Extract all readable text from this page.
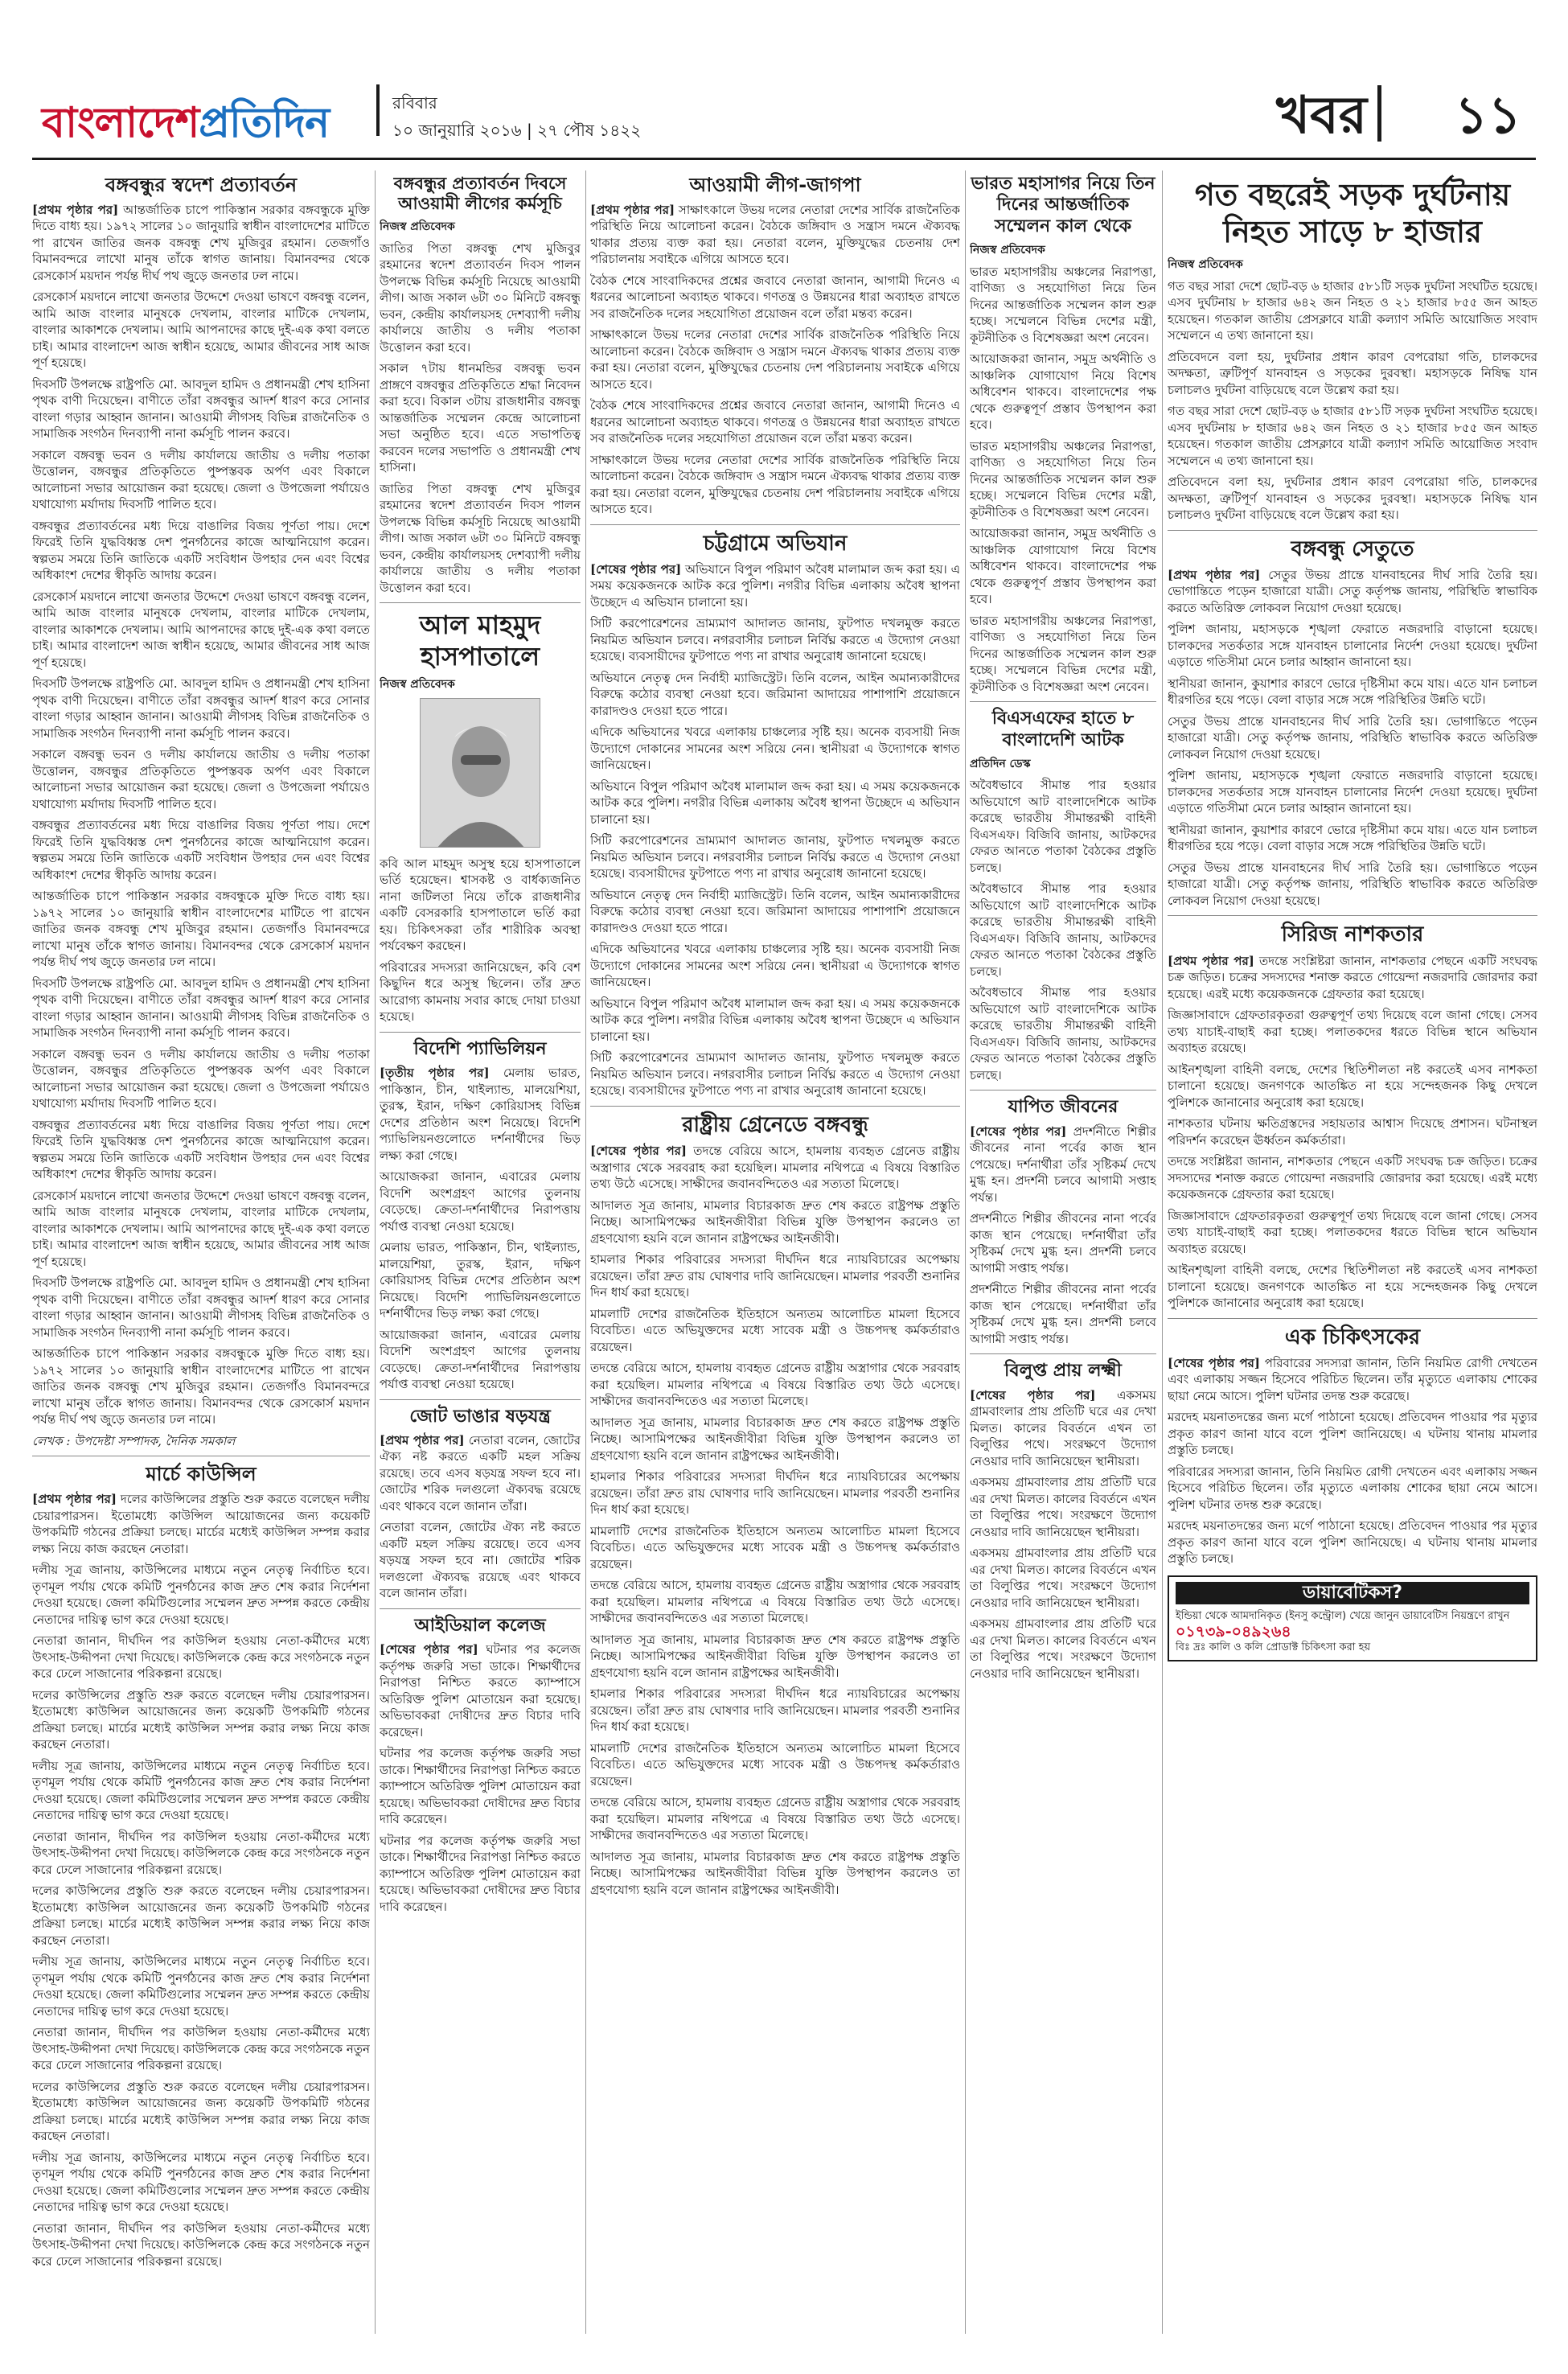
বাংলাদেশপ্রতিদিন	রবিবার
১০ জানুয়ারি ২০১৬ | ২৭ পৌষ ১৪২২	খবর ১১
বঙ্গবন্ধুর স্বদেশ প্রত্যাবর্তন

[প্রথম পৃষ্ঠার পর] আন্তর্জাতিক চাপে পাকিস্তান সরকার বঙ্গবন্ধুকে মুক্তি দিতে বাধ্য হয়। ১৯৭২ সালের ১০ জানুয়ারি স্বাধীন বাংলাদেশের মাটিতে পা রাখেন জাতির জনক বঙ্গবন্ধু শেখ মুজিবুর রহমান। তেজগাঁও বিমানবন্দরে লাখো মানুষ তাঁকে স্বাগত জানায়। বিমানবন্দর থেকে রেসকোর্স ময়দান পর্যন্ত দীর্ঘ পথ জুড়ে জনতার ঢল নামে।

রেসকোর্স ময়দানে লাখো জনতার উদ্দেশে দেওয়া ভাষণে বঙ্গবন্ধু বলেন, আমি আজ বাংলার মানুষকে দেখলাম, বাংলার মাটিকে দেখলাম, বাংলার আকাশকে দেখলাম। আমি আপনাদের কাছে দুই-এক কথা বলতে চাই। আমার বাংলাদেশ আজ স্বাধীন হয়েছে, আমার জীবনের সাধ আজ পূর্ণ হয়েছে।

দিবসটি উপলক্ষে রাষ্ট্রপতি মো. আবদুল হামিদ ও প্রধানমন্ত্রী শেখ হাসিনা পৃথক বাণী দিয়েছেন। বাণীতে তাঁরা বঙ্গবন্ধুর আদর্শ ধারণ করে সোনার বাংলা গড়ার আহ্বান জানান। আওয়ামী লীগসহ বিভিন্ন রাজনৈতিক ও সামাজিক সংগঠন দিনব্যাপী নানা কর্মসূচি পালন করবে।

সকালে বঙ্গবন্ধু ভবন ও দলীয় কার্যালয়ে জাতীয় ও দলীয় পতাকা উত্তোলন, বঙ্গবন্ধুর প্রতিকৃতিতে পুষ্পস্তবক অর্পণ এবং বিকালে আলোচনা সভার আয়োজন করা হয়েছে। জেলা ও উপজেলা পর্যায়েও যথাযোগ্য মর্যাদায় দিবসটি পালিত হবে।

বঙ্গবন্ধুর প্রত্যাবর্তনের মধ্য দিয়ে বাঙালির বিজয় পূর্ণতা পায়। দেশে ফিরেই তিনি যুদ্ধবিধ্বস্ত দেশ পুনর্গঠনের কাজে আত্মনিয়োগ করেন। স্বল্পতম সময়ে তিনি জাতিকে একটি সংবিধান উপহার দেন এবং বিশ্বের অধিকাংশ দেশের স্বীকৃতি আদায় করেন।

রেসকোর্স ময়দানে লাখো জনতার উদ্দেশে দেওয়া ভাষণে বঙ্গবন্ধু বলেন, আমি আজ বাংলার মানুষকে দেখলাম, বাংলার মাটিকে দেখলাম, বাংলার আকাশকে দেখলাম। আমি আপনাদের কাছে দুই-এক কথা বলতে চাই। আমার বাংলাদেশ আজ স্বাধীন হয়েছে, আমার জীবনের সাধ আজ পূর্ণ হয়েছে।

দিবসটি উপলক্ষে রাষ্ট্রপতি মো. আবদুল হামিদ ও প্রধানমন্ত্রী শেখ হাসিনা পৃথক বাণী দিয়েছেন। বাণীতে তাঁরা বঙ্গবন্ধুর আদর্শ ধারণ করে সোনার বাংলা গড়ার আহ্বান জানান। আওয়ামী লীগসহ বিভিন্ন রাজনৈতিক ও সামাজিক সংগঠন দিনব্যাপী নানা কর্মসূচি পালন করবে।

সকালে বঙ্গবন্ধু ভবন ও দলীয় কার্যালয়ে জাতীয় ও দলীয় পতাকা উত্তোলন, বঙ্গবন্ধুর প্রতিকৃতিতে পুষ্পস্তবক অর্পণ এবং বিকালে আলোচনা সভার আয়োজন করা হয়েছে। জেলা ও উপজেলা পর্যায়েও যথাযোগ্য মর্যাদায় দিবসটি পালিত হবে।

বঙ্গবন্ধুর প্রত্যাবর্তনের মধ্য দিয়ে বাঙালির বিজয় পূর্ণতা পায়। দেশে ফিরেই তিনি যুদ্ধবিধ্বস্ত দেশ পুনর্গঠনের কাজে আত্মনিয়োগ করেন। স্বল্পতম সময়ে তিনি জাতিকে একটি সংবিধান উপহার দেন এবং বিশ্বের অধিকাংশ দেশের স্বীকৃতি আদায় করেন।

আন্তর্জাতিক চাপে পাকিস্তান সরকার বঙ্গবন্ধুকে মুক্তি দিতে বাধ্য হয়। ১৯৭২ সালের ১০ জানুয়ারি স্বাধীন বাংলাদেশের মাটিতে পা রাখেন জাতির জনক বঙ্গবন্ধু শেখ মুজিবুর রহমান। তেজগাঁও বিমানবন্দরে লাখো মানুষ তাঁকে স্বাগত জানায়। বিমানবন্দর থেকে রেসকোর্স ময়দান পর্যন্ত দীর্ঘ পথ জুড়ে জনতার ঢল নামে।

দিবসটি উপলক্ষে রাষ্ট্রপতি মো. আবদুল হামিদ ও প্রধানমন্ত্রী শেখ হাসিনা পৃথক বাণী দিয়েছেন। বাণীতে তাঁরা বঙ্গবন্ধুর আদর্শ ধারণ করে সোনার বাংলা গড়ার আহ্বান জানান। আওয়ামী লীগসহ বিভিন্ন রাজনৈতিক ও সামাজিক সংগঠন দিনব্যাপী নানা কর্মসূচি পালন করবে।

সকালে বঙ্গবন্ধু ভবন ও দলীয় কার্যালয়ে জাতীয় ও দলীয় পতাকা উত্তোলন, বঙ্গবন্ধুর প্রতিকৃতিতে পুষ্পস্তবক অর্পণ এবং বিকালে আলোচনা সভার আয়োজন করা হয়েছে। জেলা ও উপজেলা পর্যায়েও যথাযোগ্য মর্যাদায় দিবসটি পালিত হবে।

বঙ্গবন্ধুর প্রত্যাবর্তনের মধ্য দিয়ে বাঙালির বিজয় পূর্ণতা পায়। দেশে ফিরেই তিনি যুদ্ধবিধ্বস্ত দেশ পুনর্গঠনের কাজে আত্মনিয়োগ করেন। স্বল্পতম সময়ে তিনি জাতিকে একটি সংবিধান উপহার দেন এবং বিশ্বের অধিকাংশ দেশের স্বীকৃতি আদায় করেন।

রেসকোর্স ময়দানে লাখো জনতার উদ্দেশে দেওয়া ভাষণে বঙ্গবন্ধু বলেন, আমি আজ বাংলার মানুষকে দেখলাম, বাংলার মাটিকে দেখলাম, বাংলার আকাশকে দেখলাম। আমি আপনাদের কাছে দুই-এক কথা বলতে চাই। আমার বাংলাদেশ আজ স্বাধীন হয়েছে, আমার জীবনের সাধ আজ পূর্ণ হয়েছে।

দিবসটি উপলক্ষে রাষ্ট্রপতি মো. আবদুল হামিদ ও প্রধানমন্ত্রী শেখ হাসিনা পৃথক বাণী দিয়েছেন। বাণীতে তাঁরা বঙ্গবন্ধুর আদর্শ ধারণ করে সোনার বাংলা গড়ার আহ্বান জানান। আওয়ামী লীগসহ বিভিন্ন রাজনৈতিক ও সামাজিক সংগঠন দিনব্যাপী নানা কর্মসূচি পালন করবে।

আন্তর্জাতিক চাপে পাকিস্তান সরকার বঙ্গবন্ধুকে মুক্তি দিতে বাধ্য হয়। ১৯৭২ সালের ১০ জানুয়ারি স্বাধীন বাংলাদেশের মাটিতে পা রাখেন জাতির জনক বঙ্গবন্ধু শেখ মুজিবুর রহমান। তেজগাঁও বিমানবন্দরে লাখো মানুষ তাঁকে স্বাগত জানায়। বিমানবন্দর থেকে রেসকোর্স ময়দান পর্যন্ত দীর্ঘ পথ জুড়ে জনতার ঢল নামে।

লেখক : উপদেষ্টা সম্পাদক, দৈনিক সমকাল

মার্চে কাউন্সিল

[প্রথম পৃষ্ঠার পর] দলের কাউন্সিলের প্রস্তুতি শুরু করতে বলেছেন দলীয় চেয়ারপারসন। ইতোমধ্যে কাউন্সিল আয়োজনের জন্য কয়েকটি উপকমিটি গঠনের প্রক্রিয়া চলছে। মার্চের মধ্যেই কাউন্সিল সম্পন্ন করার লক্ষ্য নিয়ে কাজ করছেন নেতারা।

দলীয় সূত্র জানায়, কাউন্সিলের মাধ্যমে নতুন নেতৃত্ব নির্বাচিত হবে। তৃণমূল পর্যায় থেকে কমিটি পুনর্গঠনের কাজ দ্রুত শেষ করার নির্দেশনা দেওয়া হয়েছে। জেলা কমিটিগুলোর সম্মেলন দ্রুত সম্পন্ন করতে কেন্দ্রীয় নেতাদের দায়িত্ব ভাগ করে দেওয়া হয়েছে।

নেতারা জানান, দীর্ঘদিন পর কাউন্সিল হওয়ায় নেতা-কর্মীদের মধ্যে উৎসাহ-উদ্দীপনা দেখা দিয়েছে। কাউন্সিলকে কেন্দ্র করে সংগঠনকে নতুন করে ঢেলে সাজানোর পরিকল্পনা রয়েছে।

দলের কাউন্সিলের প্রস্তুতি শুরু করতে বলেছেন দলীয় চেয়ারপারসন। ইতোমধ্যে কাউন্সিল আয়োজনের জন্য কয়েকটি উপকমিটি গঠনের প্রক্রিয়া চলছে। মার্চের মধ্যেই কাউন্সিল সম্পন্ন করার লক্ষ্য নিয়ে কাজ করছেন নেতারা।

দলীয় সূত্র জানায়, কাউন্সিলের মাধ্যমে নতুন নেতৃত্ব নির্বাচিত হবে। তৃণমূল পর্যায় থেকে কমিটি পুনর্গঠনের কাজ দ্রুত শেষ করার নির্দেশনা দেওয়া হয়েছে। জেলা কমিটিগুলোর সম্মেলন দ্রুত সম্পন্ন করতে কেন্দ্রীয় নেতাদের দায়িত্ব ভাগ করে দেওয়া হয়েছে।

নেতারা জানান, দীর্ঘদিন পর কাউন্সিল হওয়ায় নেতা-কর্মীদের মধ্যে উৎসাহ-উদ্দীপনা দেখা দিয়েছে। কাউন্সিলকে কেন্দ্র করে সংগঠনকে নতুন করে ঢেলে সাজানোর পরিকল্পনা রয়েছে।

দলের কাউন্সিলের প্রস্তুতি শুরু করতে বলেছেন দলীয় চেয়ারপারসন। ইতোমধ্যে কাউন্সিল আয়োজনের জন্য কয়েকটি উপকমিটি গঠনের প্রক্রিয়া চলছে। মার্চের মধ্যেই কাউন্সিল সম্পন্ন করার লক্ষ্য নিয়ে কাজ করছেন নেতারা।

দলীয় সূত্র জানায়, কাউন্সিলের মাধ্যমে নতুন নেতৃত্ব নির্বাচিত হবে। তৃণমূল পর্যায় থেকে কমিটি পুনর্গঠনের কাজ দ্রুত শেষ করার নির্দেশনা দেওয়া হয়েছে। জেলা কমিটিগুলোর সম্মেলন দ্রুত সম্পন্ন করতে কেন্দ্রীয় নেতাদের দায়িত্ব ভাগ করে দেওয়া হয়েছে।

নেতারা জানান, দীর্ঘদিন পর কাউন্সিল হওয়ায় নেতা-কর্মীদের মধ্যে উৎসাহ-উদ্দীপনা দেখা দিয়েছে। কাউন্সিলকে কেন্দ্র করে সংগঠনকে নতুন করে ঢেলে সাজানোর পরিকল্পনা রয়েছে।

দলের কাউন্সিলের প্রস্তুতি শুরু করতে বলেছেন দলীয় চেয়ারপারসন। ইতোমধ্যে কাউন্সিল আয়োজনের জন্য কয়েকটি উপকমিটি গঠনের প্রক্রিয়া চলছে। মার্চের মধ্যেই কাউন্সিল সম্পন্ন করার লক্ষ্য নিয়ে কাজ করছেন নেতারা।

দলীয় সূত্র জানায়, কাউন্সিলের মাধ্যমে নতুন নেতৃত্ব নির্বাচিত হবে। তৃণমূল পর্যায় থেকে কমিটি পুনর্গঠনের কাজ দ্রুত শেষ করার নির্দেশনা দেওয়া হয়েছে। জেলা কমিটিগুলোর সম্মেলন দ্রুত সম্পন্ন করতে কেন্দ্রীয় নেতাদের দায়িত্ব ভাগ করে দেওয়া হয়েছে।

নেতারা জানান, দীর্ঘদিন পর কাউন্সিল হওয়ায় নেতা-কর্মীদের মধ্যে উৎসাহ-উদ্দীপনা দেখা দিয়েছে। কাউন্সিলকে কেন্দ্র করে সংগঠনকে নতুন করে ঢেলে সাজানোর পরিকল্পনা রয়েছে।

বঙ্গবন্ধুর প্রত্যাবর্তন দিবসে আওয়ামী লীগের কর্মসূচি
নিজস্ব প্রতিবেদক

জাতির পিতা বঙ্গবন্ধু শেখ মুজিবুর রহমানের স্বদেশ প্রত্যাবর্তন দিবস পালন উপলক্ষে বিভিন্ন কর্মসূচি নিয়েছে আওয়ামী লীগ। আজ সকাল ৬টা ৩০ মিনিটে বঙ্গবন্ধু ভবন, কেন্দ্রীয় কার্যালয়সহ দেশব্যাপী দলীয় কার্যালয়ে জাতীয় ও দলীয় পতাকা উত্তোলন করা হবে।

সকাল ৭টায় ধানমন্ডির বঙ্গবন্ধু ভবন প্রাঙ্গণে বঙ্গবন্ধুর প্রতিকৃতিতে শ্রদ্ধা নিবেদন করা হবে। বিকাল ৩টায় রাজধানীর বঙ্গবন্ধু আন্তর্জাতিক সম্মেলন কেন্দ্রে আলোচনা সভা অনুষ্ঠিত হবে। এতে সভাপতিত্ব করবেন দলের সভাপতি ও প্রধানমন্ত্রী শেখ হাসিনা।

জাতির পিতা বঙ্গবন্ধু শেখ মুজিবুর রহমানের স্বদেশ প্রত্যাবর্তন দিবস পালন উপলক্ষে বিভিন্ন কর্মসূচি নিয়েছে আওয়ামী লীগ। আজ সকাল ৬টা ৩০ মিনিটে বঙ্গবন্ধু ভবন, কেন্দ্রীয় কার্যালয়সহ দেশব্যাপী দলীয় কার্যালয়ে জাতীয় ও দলীয় পতাকা উত্তোলন করা হবে।

আল মাহমুদ হাসপাতালে
নিজস্ব প্রতিবেদক

কবি আল মাহমুদ অসুস্থ হয়ে হাসপাতালে ভর্তি হয়েছেন। শ্বাসকষ্ট ও বার্ধক্যজনিত নানা জটিলতা নিয়ে তাঁকে রাজধানীর একটি বেসরকারি হাসপাতালে ভর্তি করা হয়। চিকিৎসকরা তাঁর শারীরিক অবস্থা পর্যবেক্ষণ করছেন।

পরিবারের সদস্যরা জানিয়েছেন, কবি বেশ কিছুদিন ধরে অসুস্থ ছিলেন। তাঁর দ্রুত আরোগ্য কামনায় সবার কাছে দোয়া চাওয়া হয়েছে।

বিদেশি প্যাভিলিয়ন

[তৃতীয় পৃষ্ঠার পর] মেলায় ভারত, পাকিস্তান, চীন, থাইল্যান্ড, মালয়েশিয়া, তুরস্ক, ইরান, দক্ষিণ কোরিয়াসহ বিভিন্ন দেশের প্রতিষ্ঠান অংশ নিয়েছে। বিদেশি প্যাভিলিয়নগুলোতে দর্শনার্থীদের ভিড় লক্ষ্য করা গেছে।

আয়োজকরা জানান, এবারের মেলায় বিদেশি অংশগ্রহণ আগের তুলনায় বেড়েছে। ক্রেতা-দর্শনার্থীদের নিরাপত্তায় পর্যাপ্ত ব্যবস্থা নেওয়া হয়েছে।

মেলায় ভারত, পাকিস্তান, চীন, থাইল্যান্ড, মালয়েশিয়া, তুরস্ক, ইরান, দক্ষিণ কোরিয়াসহ বিভিন্ন দেশের প্রতিষ্ঠান অংশ নিয়েছে। বিদেশি প্যাভিলিয়নগুলোতে দর্শনার্থীদের ভিড় লক্ষ্য করা গেছে।

আয়োজকরা জানান, এবারের মেলায় বিদেশি অংশগ্রহণ আগের তুলনায় বেড়েছে। ক্রেতা-দর্শনার্থীদের নিরাপত্তায় পর্যাপ্ত ব্যবস্থা নেওয়া হয়েছে।

জোট ভাঙার ষড়যন্ত্র

[প্রথম পৃষ্ঠার পর] নেতারা বলেন, জোটের ঐক্য নষ্ট করতে একটি মহল সক্রিয় রয়েছে। তবে এসব ষড়যন্ত্র সফল হবে না। জোটের শরিক দলগুলো ঐক্যবদ্ধ রয়েছে এবং থাকবে বলে জানান তাঁরা।

নেতারা বলেন, জোটের ঐক্য নষ্ট করতে একটি মহল সক্রিয় রয়েছে। তবে এসব ষড়যন্ত্র সফল হবে না। জোটের শরিক দলগুলো ঐক্যবদ্ধ রয়েছে এবং থাকবে বলে জানান তাঁরা।

আইডিয়াল কলেজ

[শেষের পৃষ্ঠার পর] ঘটনার পর কলেজ কর্তৃপক্ষ জরুরি সভা ডাকে। শিক্ষার্থীদের নিরাপত্তা নিশ্চিত করতে ক্যাম্পাসে অতিরিক্ত পুলিশ মোতায়েন করা হয়েছে। অভিভাবকরা দোষীদের দ্রুত বিচার দাবি করেছেন।

ঘটনার পর কলেজ কর্তৃপক্ষ জরুরি সভা ডাকে। শিক্ষার্থীদের নিরাপত্তা নিশ্চিত করতে ক্যাম্পাসে অতিরিক্ত পুলিশ মোতায়েন করা হয়েছে। অভিভাবকরা দোষীদের দ্রুত বিচার দাবি করেছেন।

ঘটনার পর কলেজ কর্তৃপক্ষ জরুরি সভা ডাকে। শিক্ষার্থীদের নিরাপত্তা নিশ্চিত করতে ক্যাম্পাসে অতিরিক্ত পুলিশ মোতায়েন করা হয়েছে। অভিভাবকরা দোষীদের দ্রুত বিচার দাবি করেছেন।

আওয়ামী লীগ-জাগপা

[প্রথম পৃষ্ঠার পর] সাক্ষাৎকালে উভয় দলের নেতারা দেশের সার্বিক রাজনৈতিক পরিস্থিতি নিয়ে আলোচনা করেন। বৈঠকে জঙ্গিবাদ ও সন্ত্রাস দমনে ঐক্যবদ্ধ থাকার প্রত্যয় ব্যক্ত করা হয়। নেতারা বলেন, মুক্তিযুদ্ধের চেতনায় দেশ পরিচালনায় সবাইকে এগিয়ে আসতে হবে।

বৈঠক শেষে সাংবাদিকদের প্রশ্নের জবাবে নেতারা জানান, আগামী দিনেও এ ধরনের আলোচনা অব্যাহত থাকবে। গণতন্ত্র ও উন্নয়নের ধারা অব্যাহত রাখতে সব রাজনৈতিক দলের সহযোগিতা প্রয়োজন বলে তাঁরা মন্তব্য করেন।

সাক্ষাৎকালে উভয় দলের নেতারা দেশের সার্বিক রাজনৈতিক পরিস্থিতি নিয়ে আলোচনা করেন। বৈঠকে জঙ্গিবাদ ও সন্ত্রাস দমনে ঐক্যবদ্ধ থাকার প্রত্যয় ব্যক্ত করা হয়। নেতারা বলেন, মুক্তিযুদ্ধের চেতনায় দেশ পরিচালনায় সবাইকে এগিয়ে আসতে হবে।

বৈঠক শেষে সাংবাদিকদের প্রশ্নের জবাবে নেতারা জানান, আগামী দিনেও এ ধরনের আলোচনা অব্যাহত থাকবে। গণতন্ত্র ও উন্নয়নের ধারা অব্যাহত রাখতে সব রাজনৈতিক দলের সহযোগিতা প্রয়োজন বলে তাঁরা মন্তব্য করেন।

সাক্ষাৎকালে উভয় দলের নেতারা দেশের সার্বিক রাজনৈতিক পরিস্থিতি নিয়ে আলোচনা করেন। বৈঠকে জঙ্গিবাদ ও সন্ত্রাস দমনে ঐক্যবদ্ধ থাকার প্রত্যয় ব্যক্ত করা হয়। নেতারা বলেন, মুক্তিযুদ্ধের চেতনায় দেশ পরিচালনায় সবাইকে এগিয়ে আসতে হবে।

চট্টগ্রামে অভিযান

[শেষের পৃষ্ঠার পর] অভিযানে বিপুল পরিমাণ অবৈধ মালামাল জব্দ করা হয়। এ সময় কয়েকজনকে আটক করে পুলিশ। নগরীর বিভিন্ন এলাকায় অবৈধ স্থাপনা উচ্ছেদে এ অভিযান চালানো হয়।

সিটি করপোরেশনের ভ্রাম্যমাণ আদালত জানায়, ফুটপাত দখলমুক্ত করতে নিয়মিত অভিযান চলবে। নগরবাসীর চলাচল নির্বিঘ্ন করতে এ উদ্যোগ নেওয়া হয়েছে। ব্যবসায়ীদের ফুটপাতে পণ্য না রাখার অনুরোধ জানানো হয়েছে।

অভিযানে নেতৃত্ব দেন নির্বাহী ম্যাজিস্ট্রেট। তিনি বলেন, আইন অমান্যকারীদের বিরুদ্ধে কঠোর ব্যবস্থা নেওয়া হবে। জরিমানা আদায়ের পাশাপাশি প্রয়োজনে কারাদণ্ডও দেওয়া হতে পারে।

এদিকে অভিযানের খবরে এলাকায় চাঞ্চল্যের সৃষ্টি হয়। অনেক ব্যবসায়ী নিজ উদ্যোগে দোকানের সামনের অংশ সরিয়ে নেন। স্থানীয়রা এ উদ্যোগকে স্বাগত জানিয়েছেন।

অভিযানে বিপুল পরিমাণ অবৈধ মালামাল জব্দ করা হয়। এ সময় কয়েকজনকে আটক করে পুলিশ। নগরীর বিভিন্ন এলাকায় অবৈধ স্থাপনা উচ্ছেদে এ অভিযান চালানো হয়।

সিটি করপোরেশনের ভ্রাম্যমাণ আদালত জানায়, ফুটপাত দখলমুক্ত করতে নিয়মিত অভিযান চলবে। নগরবাসীর চলাচল নির্বিঘ্ন করতে এ উদ্যোগ নেওয়া হয়েছে। ব্যবসায়ীদের ফুটপাতে পণ্য না রাখার অনুরোধ জানানো হয়েছে।

অভিযানে নেতৃত্ব দেন নির্বাহী ম্যাজিস্ট্রেট। তিনি বলেন, আইন অমান্যকারীদের বিরুদ্ধে কঠোর ব্যবস্থা নেওয়া হবে। জরিমানা আদায়ের পাশাপাশি প্রয়োজনে কারাদণ্ডও দেওয়া হতে পারে।

এদিকে অভিযানের খবরে এলাকায় চাঞ্চল্যের সৃষ্টি হয়। অনেক ব্যবসায়ী নিজ উদ্যোগে দোকানের সামনের অংশ সরিয়ে নেন। স্থানীয়রা এ উদ্যোগকে স্বাগত জানিয়েছেন।

অভিযানে বিপুল পরিমাণ অবৈধ মালামাল জব্দ করা হয়। এ সময় কয়েকজনকে আটক করে পুলিশ। নগরীর বিভিন্ন এলাকায় অবৈধ স্থাপনা উচ্ছেদে এ অভিযান চালানো হয়।

সিটি করপোরেশনের ভ্রাম্যমাণ আদালত জানায়, ফুটপাত দখলমুক্ত করতে নিয়মিত অভিযান চলবে। নগরবাসীর চলাচল নির্বিঘ্ন করতে এ উদ্যোগ নেওয়া হয়েছে। ব্যবসায়ীদের ফুটপাতে পণ্য না রাখার অনুরোধ জানানো হয়েছে।

রাষ্ট্রীয় গ্রেনেডে বঙ্গবন্ধু

[শেষের পৃষ্ঠার পর] তদন্তে বেরিয়ে আসে, হামলায় ব্যবহৃত গ্রেনেড রাষ্ট্রীয় অস্ত্রাগার থেকে সরবরাহ করা হয়েছিল। মামলার নথিপত্রে এ বিষয়ে বিস্তারিত তথ্য উঠে এসেছে। সাক্ষীদের জবানবন্দিতেও এর সত্যতা মিলেছে।

আদালত সূত্র জানায়, মামলার বিচারকাজ দ্রুত শেষ করতে রাষ্ট্রপক্ষ প্রস্তুতি নিচ্ছে। আসামিপক্ষের আইনজীবীরা বিভিন্ন যুক্তি উপস্থাপন করলেও তা গ্রহণযোগ্য হয়নি বলে জানান রাষ্ট্রপক্ষের আইনজীবী।

হামলার শিকার পরিবারের সদস্যরা দীর্ঘদিন ধরে ন্যায়বিচারের অপেক্ষায় রয়েছেন। তাঁরা দ্রুত রায় ঘোষণার দাবি জানিয়েছেন। মামলার পরবর্তী শুনানির দিন ধার্য করা হয়েছে।

মামলাটি দেশের রাজনৈতিক ইতিহাসে অন্যতম আলোচিত মামলা হিসেবে বিবেচিত। এতে অভিযুক্তদের মধ্যে সাবেক মন্ত্রী ও উচ্চপদস্থ কর্মকর্তারাও রয়েছেন।

তদন্তে বেরিয়ে আসে, হামলায় ব্যবহৃত গ্রেনেড রাষ্ট্রীয় অস্ত্রাগার থেকে সরবরাহ করা হয়েছিল। মামলার নথিপত্রে এ বিষয়ে বিস্তারিত তথ্য উঠে এসেছে। সাক্ষীদের জবানবন্দিতেও এর সত্যতা মিলেছে।

আদালত সূত্র জানায়, মামলার বিচারকাজ দ্রুত শেষ করতে রাষ্ট্রপক্ষ প্রস্তুতি নিচ্ছে। আসামিপক্ষের আইনজীবীরা বিভিন্ন যুক্তি উপস্থাপন করলেও তা গ্রহণযোগ্য হয়নি বলে জানান রাষ্ট্রপক্ষের আইনজীবী।

হামলার শিকার পরিবারের সদস্যরা দীর্ঘদিন ধরে ন্যায়বিচারের অপেক্ষায় রয়েছেন। তাঁরা দ্রুত রায় ঘোষণার দাবি জানিয়েছেন। মামলার পরবর্তী শুনানির দিন ধার্য করা হয়েছে।

মামলাটি দেশের রাজনৈতিক ইতিহাসে অন্যতম আলোচিত মামলা হিসেবে বিবেচিত। এতে অভিযুক্তদের মধ্যে সাবেক মন্ত্রী ও উচ্চপদস্থ কর্মকর্তারাও রয়েছেন।

তদন্তে বেরিয়ে আসে, হামলায় ব্যবহৃত গ্রেনেড রাষ্ট্রীয় অস্ত্রাগার থেকে সরবরাহ করা হয়েছিল। মামলার নথিপত্রে এ বিষয়ে বিস্তারিত তথ্য উঠে এসেছে। সাক্ষীদের জবানবন্দিতেও এর সত্যতা মিলেছে।

আদালত সূত্র জানায়, মামলার বিচারকাজ দ্রুত শেষ করতে রাষ্ট্রপক্ষ প্রস্তুতি নিচ্ছে। আসামিপক্ষের আইনজীবীরা বিভিন্ন যুক্তি উপস্থাপন করলেও তা গ্রহণযোগ্য হয়নি বলে জানান রাষ্ট্রপক্ষের আইনজীবী।

হামলার শিকার পরিবারের সদস্যরা দীর্ঘদিন ধরে ন্যায়বিচারের অপেক্ষায় রয়েছেন। তাঁরা দ্রুত রায় ঘোষণার দাবি জানিয়েছেন। মামলার পরবর্তী শুনানির দিন ধার্য করা হয়েছে।

মামলাটি দেশের রাজনৈতিক ইতিহাসে অন্যতম আলোচিত মামলা হিসেবে বিবেচিত। এতে অভিযুক্তদের মধ্যে সাবেক মন্ত্রী ও উচ্চপদস্থ কর্মকর্তারাও রয়েছেন।

তদন্তে বেরিয়ে আসে, হামলায় ব্যবহৃত গ্রেনেড রাষ্ট্রীয় অস্ত্রাগার থেকে সরবরাহ করা হয়েছিল। মামলার নথিপত্রে এ বিষয়ে বিস্তারিত তথ্য উঠে এসেছে। সাক্ষীদের জবানবন্দিতেও এর সত্যতা মিলেছে।

আদালত সূত্র জানায়, মামলার বিচারকাজ দ্রুত শেষ করতে রাষ্ট্রপক্ষ প্রস্তুতি নিচ্ছে। আসামিপক্ষের আইনজীবীরা বিভিন্ন যুক্তি উপস্থাপন করলেও তা গ্রহণযোগ্য হয়নি বলে জানান রাষ্ট্রপক্ষের আইনজীবী।

ভারত মহাসাগর নিয়ে তিন দিনের আন্তর্জাতিক সম্মেলন কাল থেকে
নিজস্ব প্রতিবেদক

ভারত মহাসাগরীয় অঞ্চলের নিরাপত্তা, বাণিজ্য ও সহযোগিতা নিয়ে তিন দিনের আন্তর্জাতিক সম্মেলন কাল শুরু হচ্ছে। সম্মেলনে বিভিন্ন দেশের মন্ত্রী, কূটনীতিক ও বিশেষজ্ঞরা অংশ নেবেন।

আয়োজকরা জানান, সমুদ্র অর্থনীতি ও আঞ্চলিক যোগাযোগ নিয়ে বিশেষ অধিবেশন থাকবে। বাংলাদেশের পক্ষ থেকে গুরুত্বপূর্ণ প্রস্তাব উপস্থাপন করা হবে।

ভারত মহাসাগরীয় অঞ্চলের নিরাপত্তা, বাণিজ্য ও সহযোগিতা নিয়ে তিন দিনের আন্তর্জাতিক সম্মেলন কাল শুরু হচ্ছে। সম্মেলনে বিভিন্ন দেশের মন্ত্রী, কূটনীতিক ও বিশেষজ্ঞরা অংশ নেবেন।

আয়োজকরা জানান, সমুদ্র অর্থনীতি ও আঞ্চলিক যোগাযোগ নিয়ে বিশেষ অধিবেশন থাকবে। বাংলাদেশের পক্ষ থেকে গুরুত্বপূর্ণ প্রস্তাব উপস্থাপন করা হবে।

ভারত মহাসাগরীয় অঞ্চলের নিরাপত্তা, বাণিজ্য ও সহযোগিতা নিয়ে তিন দিনের আন্তর্জাতিক সম্মেলন কাল শুরু হচ্ছে। সম্মেলনে বিভিন্ন দেশের মন্ত্রী, কূটনীতিক ও বিশেষজ্ঞরা অংশ নেবেন।

বিএসএফের হাতে ৮ বাংলাদেশি আটক
প্রতিদিন ডেস্ক

অবৈধভাবে সীমান্ত পার হওয়ার অভিযোগে আট বাংলাদেশিকে আটক করেছে ভারতীয় সীমান্তরক্ষী বাহিনী বিএসএফ। বিজিবি জানায়, আটকদের ফেরত আনতে পতাকা বৈঠকের প্রস্তুতি চলছে।

অবৈধভাবে সীমান্ত পার হওয়ার অভিযোগে আট বাংলাদেশিকে আটক করেছে ভারতীয় সীমান্তরক্ষী বাহিনী বিএসএফ। বিজিবি জানায়, আটকদের ফেরত আনতে পতাকা বৈঠকের প্রস্তুতি চলছে।

অবৈধভাবে সীমান্ত পার হওয়ার অভিযোগে আট বাংলাদেশিকে আটক করেছে ভারতীয় সীমান্তরক্ষী বাহিনী বিএসএফ। বিজিবি জানায়, আটকদের ফেরত আনতে পতাকা বৈঠকের প্রস্তুতি চলছে।

যাপিত জীবনের

[শেষের পৃষ্ঠার পর] প্রদর্শনীতে শিল্পীর জীবনের নানা পর্বের কাজ স্থান পেয়েছে। দর্শনার্থীরা তাঁর সৃষ্টিকর্ম দেখে মুগ্ধ হন। প্রদর্শনী চলবে আগামী সপ্তাহ পর্যন্ত।

প্রদর্শনীতে শিল্পীর জীবনের নানা পর্বের কাজ স্থান পেয়েছে। দর্শনার্থীরা তাঁর সৃষ্টিকর্ম দেখে মুগ্ধ হন। প্রদর্শনী চলবে আগামী সপ্তাহ পর্যন্ত।

প্রদর্শনীতে শিল্পীর জীবনের নানা পর্বের কাজ স্থান পেয়েছে। দর্শনার্থীরা তাঁর সৃষ্টিকর্ম দেখে মুগ্ধ হন। প্রদর্শনী চলবে আগামী সপ্তাহ পর্যন্ত।

বিলুপ্ত প্রায় লক্ষ্মী

[শেষের পৃষ্ঠার পর] একসময় গ্রামবাংলার প্রায় প্রতিটি ঘরে এর দেখা মিলত। কালের বিবর্তনে এখন তা বিলুপ্তির পথে। সংরক্ষণে উদ্যোগ নেওয়ার দাবি জানিয়েছেন স্থানীয়রা।

একসময় গ্রামবাংলার প্রায় প্রতিটি ঘরে এর দেখা মিলত। কালের বিবর্তনে এখন তা বিলুপ্তির পথে। সংরক্ষণে উদ্যোগ নেওয়ার দাবি জানিয়েছেন স্থানীয়রা।

একসময় গ্রামবাংলার প্রায় প্রতিটি ঘরে এর দেখা মিলত। কালের বিবর্তনে এখন তা বিলুপ্তির পথে। সংরক্ষণে উদ্যোগ নেওয়ার দাবি জানিয়েছেন স্থানীয়রা।

একসময় গ্রামবাংলার প্রায় প্রতিটি ঘরে এর দেখা মিলত। কালের বিবর্তনে এখন তা বিলুপ্তির পথে। সংরক্ষণে উদ্যোগ নেওয়ার দাবি জানিয়েছেন স্থানীয়রা।

গত বছরেই সড়ক দুর্ঘটনায় নিহত সাড়ে ৮ হাজার
নিজস্ব প্রতিবেদক

গত বছর সারা দেশে ছোট-বড় ৬ হাজার ৫৮১টি সড়ক দুর্ঘটনা সংঘটিত হয়েছে। এসব দুর্ঘটনায় ৮ হাজার ৬৪২ জন নিহত ও ২১ হাজার ৮৫৫ জন আহত হয়েছেন। গতকাল জাতীয় প্রেসক্লাবে যাত্রী কল্যাণ সমিতি আয়োজিত সংবাদ সম্মেলনে এ তথ্য জানানো হয়।

প্রতিবেদনে বলা হয়, দুর্ঘটনার প্রধান কারণ বেপরোয়া গতি, চালকদের অদক্ষতা, ত্রুটিপূর্ণ যানবাহন ও সড়কের দুরবস্থা। মহাসড়কে নিষিদ্ধ যান চলাচলও দুর্ঘটনা বাড়িয়েছে বলে উল্লেখ করা হয়।

গত বছর সারা দেশে ছোট-বড় ৬ হাজার ৫৮১টি সড়ক দুর্ঘটনা সংঘটিত হয়েছে। এসব দুর্ঘটনায় ৮ হাজার ৬৪২ জন নিহত ও ২১ হাজার ৮৫৫ জন আহত হয়েছেন। গতকাল জাতীয় প্রেসক্লাবে যাত্রী কল্যাণ সমিতি আয়োজিত সংবাদ সম্মেলনে এ তথ্য জানানো হয়।

প্রতিবেদনে বলা হয়, দুর্ঘটনার প্রধান কারণ বেপরোয়া গতি, চালকদের অদক্ষতা, ত্রুটিপূর্ণ যানবাহন ও সড়কের দুরবস্থা। মহাসড়কে নিষিদ্ধ যান চলাচলও দুর্ঘটনা বাড়িয়েছে বলে উল্লেখ করা হয়।

বঙ্গবন্ধু সেতুতে

[প্রথম পৃষ্ঠার পর] সেতুর উভয় প্রান্তে যানবাহনের দীর্ঘ সারি তৈরি হয়। ভোগান্তিতে পড়েন হাজারো যাত্রী। সেতু কর্তৃপক্ষ জানায়, পরিস্থিতি স্বাভাবিক করতে অতিরিক্ত লোকবল নিয়োগ দেওয়া হয়েছে।

পুলিশ জানায়, মহাসড়কে শৃঙ্খলা ফেরাতে নজরদারি বাড়ানো হয়েছে। চালকদের সতর্কতার সঙ্গে যানবাহন চালানোর নির্দেশ দেওয়া হয়েছে। দুর্ঘটনা এড়াতে গতিসীমা মেনে চলার আহ্বান জানানো হয়।

স্থানীয়রা জানান, কুয়াশার কারণে ভোরে দৃষ্টিসীমা কমে যায়। এতে যান চলাচল ধীরগতির হয়ে পড়ে। বেলা বাড়ার সঙ্গে সঙ্গে পরিস্থিতির উন্নতি ঘটে।

সেতুর উভয় প্রান্তে যানবাহনের দীর্ঘ সারি তৈরি হয়। ভোগান্তিতে পড়েন হাজারো যাত্রী। সেতু কর্তৃপক্ষ জানায়, পরিস্থিতি স্বাভাবিক করতে অতিরিক্ত লোকবল নিয়োগ দেওয়া হয়েছে।

পুলিশ জানায়, মহাসড়কে শৃঙ্খলা ফেরাতে নজরদারি বাড়ানো হয়েছে। চালকদের সতর্কতার সঙ্গে যানবাহন চালানোর নির্দেশ দেওয়া হয়েছে। দুর্ঘটনা এড়াতে গতিসীমা মেনে চলার আহ্বান জানানো হয়।

স্থানীয়রা জানান, কুয়াশার কারণে ভোরে দৃষ্টিসীমা কমে যায়। এতে যান চলাচল ধীরগতির হয়ে পড়ে। বেলা বাড়ার সঙ্গে সঙ্গে পরিস্থিতির উন্নতি ঘটে।

সেতুর উভয় প্রান্তে যানবাহনের দীর্ঘ সারি তৈরি হয়। ভোগান্তিতে পড়েন হাজারো যাত্রী। সেতু কর্তৃপক্ষ জানায়, পরিস্থিতি স্বাভাবিক করতে অতিরিক্ত লোকবল নিয়োগ দেওয়া হয়েছে।

সিরিজ নাশকতার

[প্রথম পৃষ্ঠার পর] তদন্তে সংশ্লিষ্টরা জানান, নাশকতার পেছনে একটি সংঘবদ্ধ চক্র জড়িত। চক্রের সদস্যদের শনাক্ত করতে গোয়েন্দা নজরদারি জোরদার করা হয়েছে। এরই মধ্যে কয়েকজনকে গ্রেফতার করা হয়েছে।

জিজ্ঞাসাবাদে গ্রেফতারকৃতরা গুরুত্বপূর্ণ তথ্য দিয়েছে বলে জানা গেছে। সেসব তথ্য যাচাই-বাছাই করা হচ্ছে। পলাতকদের ধরতে বিভিন্ন স্থানে অভিযান অব্যাহত রয়েছে।

আইনশৃঙ্খলা বাহিনী বলছে, দেশের স্থিতিশীলতা নষ্ট করতেই এসব নাশকতা চালানো হয়েছে। জনগণকে আতঙ্কিত না হয়ে সন্দেহজনক কিছু দেখলে পুলিশকে জানানোর অনুরোধ করা হয়েছে।

নাশকতার ঘটনায় ক্ষতিগ্রস্তদের সহায়তার আশ্বাস দিয়েছে প্রশাসন। ঘটনাস্থল পরিদর্শন করেছেন ঊর্ধ্বতন কর্মকর্তারা।

তদন্তে সংশ্লিষ্টরা জানান, নাশকতার পেছনে একটি সংঘবদ্ধ চক্র জড়িত। চক্রের সদস্যদের শনাক্ত করতে গোয়েন্দা নজরদারি জোরদার করা হয়েছে। এরই মধ্যে কয়েকজনকে গ্রেফতার করা হয়েছে।

জিজ্ঞাসাবাদে গ্রেফতারকৃতরা গুরুত্বপূর্ণ তথ্য দিয়েছে বলে জানা গেছে। সেসব তথ্য যাচাই-বাছাই করা হচ্ছে। পলাতকদের ধরতে বিভিন্ন স্থানে অভিযান অব্যাহত রয়েছে।

আইনশৃঙ্খলা বাহিনী বলছে, দেশের স্থিতিশীলতা নষ্ট করতেই এসব নাশকতা চালানো হয়েছে। জনগণকে আতঙ্কিত না হয়ে সন্দেহজনক কিছু দেখলে পুলিশকে জানানোর অনুরোধ করা হয়েছে।

এক চিকিৎসকের

[শেষের পৃষ্ঠার পর] পরিবারের সদস্যরা জানান, তিনি নিয়মিত রোগী দেখতেন এবং এলাকায় সজ্জন হিসেবে পরিচিত ছিলেন। তাঁর মৃত্যুতে এলাকায় শোকের ছায়া নেমে আসে। পুলিশ ঘটনার তদন্ত শুরু করেছে।

মরদেহ ময়নাতদন্তের জন্য মর্গে পাঠানো হয়েছে। প্রতিবেদন পাওয়ার পর মৃত্যুর প্রকৃত কারণ জানা যাবে বলে পুলিশ জানিয়েছে। এ ঘটনায় থানায় মামলার প্রস্তুতি চলছে।

পরিবারের সদস্যরা জানান, তিনি নিয়মিত রোগী দেখতেন এবং এলাকায় সজ্জন হিসেবে পরিচিত ছিলেন। তাঁর মৃত্যুতে এলাকায় শোকের ছায়া নেমে আসে। পুলিশ ঘটনার তদন্ত শুরু করেছে।

মরদেহ ময়নাতদন্তের জন্য মর্গে পাঠানো হয়েছে। প্রতিবেদন পাওয়ার পর মৃত্যুর প্রকৃত কারণ জানা যাবে বলে পুলিশ জানিয়েছে। এ ঘটনায় থানায় মামলার প্রস্তুতি চলছে।

ডায়াবেটিকস?
ইন্ডিয়া থেকে আমদানিকৃত (ইনসু কন্ট্রোল) খেয়ে জানুন ডায়াবেটিস নিয়ন্ত্রণে রাখুন
০১৭৩৯-০৪৯২৬৪
বিঃ দ্রঃ কালি ও কলি প্রোডাক্ট চিকিৎসা করা হয়
